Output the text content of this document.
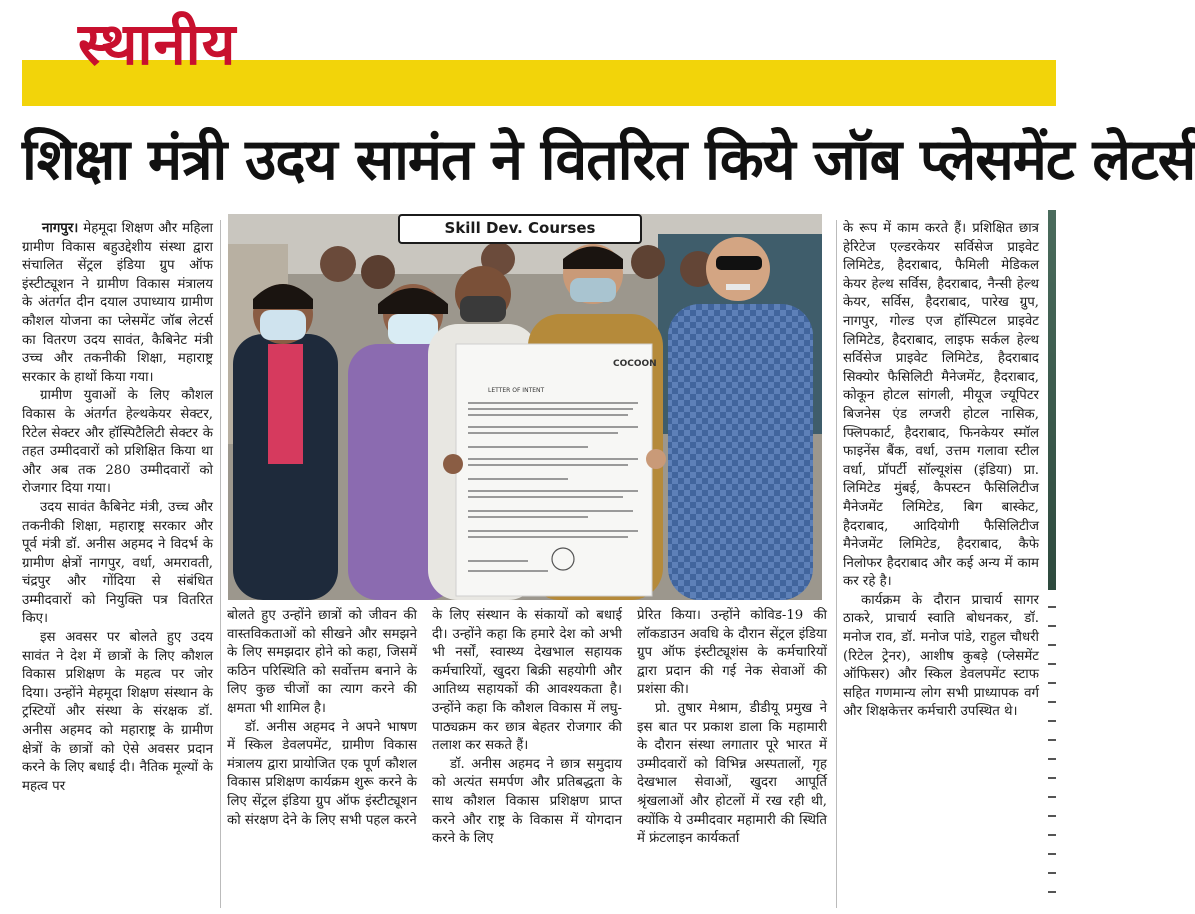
स्थानीय
शिक्षा मंत्री उदय सामंत ने वितरित किये जॉब प्लेसमेंट लेटर्स

नागपुर। मेहमूदा शिक्षण और महिला ग्रामीण विकास बहुउद्देशीय संस्था द्वारा संचालित सेंट्रल इंडिया ग्रुप ऑफ इंस्टीट्यूशन ने ग्रामीण विकास मंत्रालय के अंतर्गत दीन दयाल उपाध्याय ग्रामीण कौशल योजना का प्लेसमेंट जॉब लेटर्स का वितरण उदय सावंत, कैबिनेट मंत्री उच्च और तकनीकी शिक्षा, महाराष्ट्र सरकार के हाथों किया गया।

ग्रामीण युवाओं के लिए कौशल विकास के अंतर्गत हेल्थकेयर सेक्टर, रिटेल सेक्टर और हॉस्पिटैलिटी सेक्टर के तहत उम्मीदवारों को प्रशिक्षित किया था और अब तक 280 उम्मीदवारों को रोजगार दिया गया।

उदय सावंत कैबिनेट मंत्री, उच्च और तकनीकी शिक्षा, महाराष्ट्र सरकार और पूर्व मंत्री डॉ. अनीस अहमद ने विदर्भ के ग्रामीण क्षेत्रों नागपुर, वर्धा, अमरावती, चंद्रपुर और गोंदिया से संबंधित उम्मीदवारों को नियुक्ति पत्र वितरित किए।

इस अवसर पर बोलते हुए उदय सावंत ने देश में छात्रों के लिए कौशल विकास प्रशिक्षण के महत्व पर जोर दिया। उन्होंने मेहमूदा शिक्षण संस्थान के ट्रस्टियों और संस्था के संरक्षक डॉ. अनीस अहमद को महाराष्ट्र के ग्रामीण क्षेत्रों के छात्रों को ऐसे अवसर प्रदान करने के लिए बधाई दी। नैतिक मूल्यों के महत्व पर

COCOON
LETTER OF INTENT
Skill Dev. Courses

बोलते हुए उन्होंने छात्रों को जीवन की वास्तविकताओं को सीखने और समझने के लिए समझदार होने को कहा, जिसमें कठिन परिस्थिति को सर्वोत्तम बनाने के लिए कुछ चीजों का त्याग करने की क्षमता भी शामिल है।

डॉ. अनीस अहमद ने अपने भाषण में स्किल डेवलपमेंट, ग्रामीण विकास मंत्रालय द्वारा प्रायोजित एक पूर्ण कौशल विकास प्रशिक्षण कार्यक्रम शुरू करने के लिए सेंट्रल इंडिया ग्रुप ऑफ इंस्टीट्यूशन को संरक्षण देने के लिए सभी पहल करने

के लिए संस्थान के संकायों को बधाई दी। उन्होंने कहा कि हमारे देश को अभी भी नर्सों, स्वास्थ्य देखभाल सहायक कर्मचारियों, खुदरा बिक्री सहयोगी और आतिथ्य सहायकों की आवश्यकता है। उन्होंने कहा कि कौशल विकास में लघु-पाठ्यक्रम कर छात्र बेहतर रोजगार की तलाश कर सकते हैं।

डॉ. अनीस अहमद ने छात्र समुदाय को अत्यंत समर्पण और प्रतिबद्धता के साथ कौशल विकास प्रशिक्षण प्राप्त करने और राष्ट्र के विकास में योगदान करने के लिए

प्रेरित किया। उन्होंने कोविड-19 की लॉकडाउन अवधि के दौरान सेंट्रल इंडिया ग्रुप ऑफ इंस्टीट्यूशंस के कर्मचारियों द्वारा प्रदान की गई नेक सेवाओं की प्रशंसा की।

प्रो. तुषार मेश्राम, डीडीयू प्रमुख ने इस बात पर प्रकाश डाला कि महामारी के दौरान संस्था लगातार पूरे भारत में उम्मीदवारों को विभिन्न अस्पतालों, गृह देखभाल सेवाओं, खुदरा आपूर्ति श्रृंखलाओं और होटलों में रख रही थी, क्योंकि ये उम्मीदवार महामारी की स्थिति में फ्रंटलाइन कार्यकर्ता

के रूप में काम करते हैं। प्रशिक्षित छात्र हेरिटेज एल्डरकेयर सर्विसेज प्राइवेट लिमिटेड, हैदराबाद, फैमिली मेडिकल केयर हेल्थ सर्विस, हैदराबाद, नैन्सी हेल्थ केयर, सर्विस, हैदराबाद, पारेख ग्रुप, नागपुर, गोल्ड एज हॉस्पिटल प्राइवेट लिमिटेड, हैदराबाद, लाइफ सर्कल हेल्थ सर्विसेज प्राइवेट लिमिटेड, हैदराबाद सिक्योर फैसिलिटी मैनेजमेंट, हैदराबाद, कोकून होटल सांगली, मीयूज ज्यूपिटर बिजनेस एंड लग्जरी होटल नासिक, फ्लिपकार्ट, हैदराबाद, फिनकेयर स्मॉल फाइनेंस बैंक, वर्धा, उत्तम गलावा स्टील वर्धा, प्रॉपर्टी सॉल्यूशंस (इंडिया) प्रा. लिमिटेड मुंबई, कैपस्टन फैसिलिटीज मैनेजमेंट लिमिटेड, बिग बास्केट, हैदराबाद, आदियोगी फैसिलिटीज मैनेजमेंट लिमिटेड, हैदराबाद, कैफे निलोफर हैदराबाद और कई अन्य में काम कर रहे है।

कार्यक्रम के दौरान प्राचार्य सागर ठाकरे, प्राचार्य स्वाति बोधनकर, डॉ. मनोज राव, डॉ. मनोज पांडे, राहुल चौधरी (रिटेल ट्रेनर), आशीष कुबड़े (प्लेसमेंट ऑफिसर) और स्किल डेवलपमेंट स्टाफ सहित गणमान्य लोग सभी प्राध्यापक वर्ग और शिक्षकेत्तर कर्मचारी उपस्थित थे।
